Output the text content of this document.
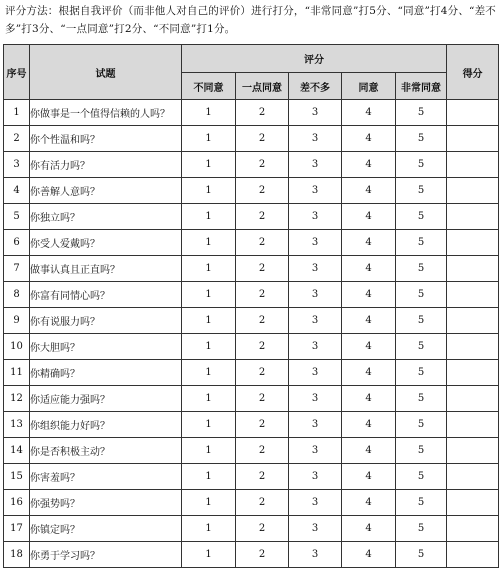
评分方法：根据自我评价（而非他人对自己的评价）进行打分，“非常同意”打5分、“同意”打4分、“差不多”打3分、“一点同意”打2分、“不同意”打1分。
序号	试题	评分					得分
		不同意	一点同意	差不多	同意	非常同意	
1	你做事是一个值得信赖的人吗？	1	2	3	4	5	
2	你个性温和吗？	1	2	3	4	5	
3	你有活力吗？	1	2	3	4	5	
4	你善解人意吗？	1	2	3	4	5	
5	你独立吗？	1	2	3	4	5	
6	你受人爱戴吗？	1	2	3	4	5	
7	做事认真且正直吗？	1	2	3	4	5	
8	你富有同情心吗？	1	2	3	4	5	
9	你有说服力吗？	1	2	3	4	5	
10	你大胆吗？	1	2	3	4	5	
11	你精确吗？	1	2	3	4	5	
12	你适应能力强吗？	1	2	3	4	5	
13	你组织能力好吗？	1	2	3	4	5	
14	你是否积极主动？	1	2	3	4	5	
15	你害羞吗？	1	2	3	4	5	
16	你强势吗？	1	2	3	4	5	
17	你镇定吗？	1	2	3	4	5	
18	你勇于学习吗？	1	2	3	4	5	
